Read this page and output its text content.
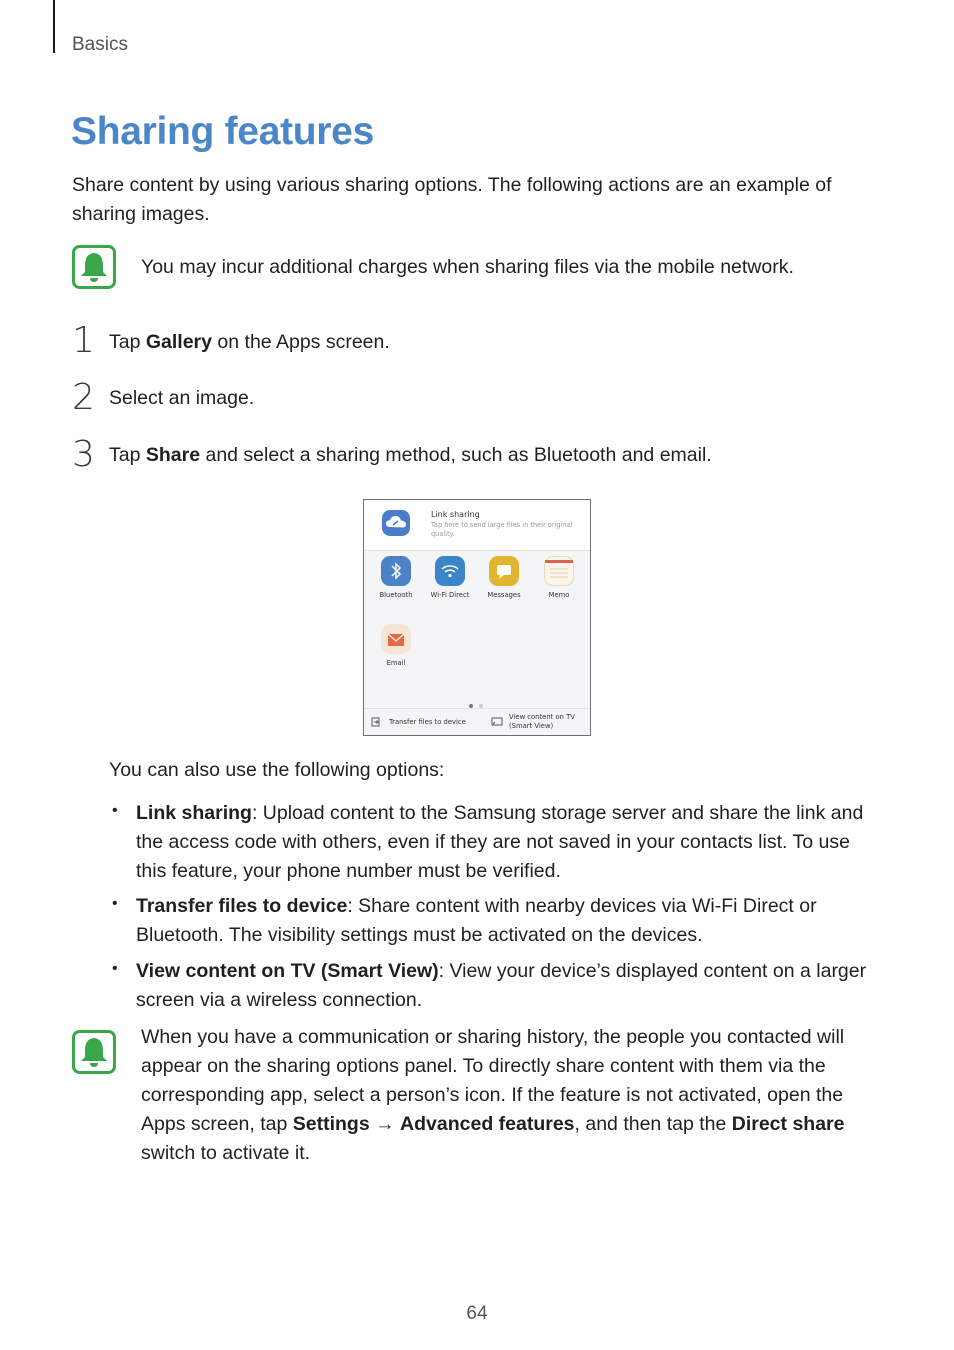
Basics
Sharing features
Share content by using various sharing options. The following actions are an example of sharing images.
You may incur additional charges when sharing files via the mobile network.
1 Tap Gallery on the Apps screen.
2 Select an image.
3 Tap Share and select a sharing method, such as Bluetooth and email.
Link sharing
Tap here to send large files in their original quality.
Bluetooth	Wi-Fi Direct	Messages	Memo
Email
Transfer files to device
View content on TV
(Smart View)
You can also use the following options:
• Link sharing: Upload content to the Samsung storage server and share the link and the access code with others, even if they are not saved in your contacts list. To use this feature, your phone number must be verified.
• Transfer files to device: Share content with nearby devices via Wi-Fi Direct or Bluetooth. The visibility settings must be activated on the devices.
• View content on TV (Smart View): View your device’s displayed content on a larger screen via a wireless connection.
When you have a communication or sharing history, the people you contacted will appear on the sharing options panel. To directly share content with them via the corresponding app, select a person’s icon. If the feature is not activated, open the Apps screen, tap Settings → Advanced features, and then tap the Direct share switch to activate it.
64
